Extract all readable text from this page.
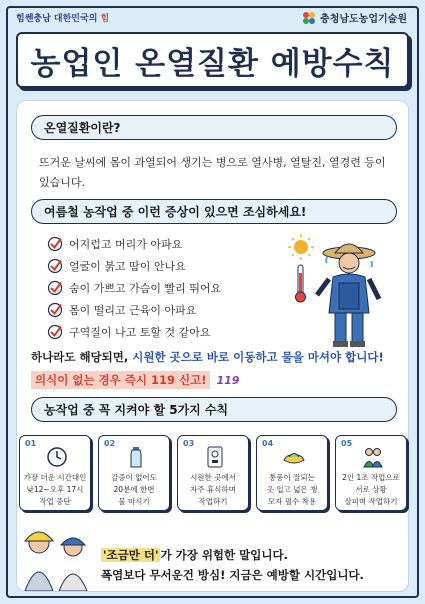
힘쎈충남 대한민국의 힘	충청남도농업기술원
농업인 온열질환 예방수칙
온열질환이란?
뜨거운 날씨에 몸이 과열되어 생기는 병으로 열사병, 열탈진, 열경련 등이 있습니다.
여름철 농작업 중 이런 증상이 있으면 조심하세요!
어지럽고 머리가 아파요
얼굴이 붉고 땀이 안나요
숨이 가쁘고 가슴이 빨리 뛰어요
몸이 떨리고 근육이 아파요
구역질이 나고 토할 것 같아요
하나라도 해당되면, 시원한 곳으로 바로 이동하고 물을 마셔야 합니다!
의식이 없는 경우 즉시 119 신고! 119
농작업 중 꼭 지켜야 할 5가지 수칙
01
가장 더운 시간대인
낮12~오후 17시
작업 중단
02
갈증이 없어도
20분에 한번
물 마시기
03
시원한 곳에서
자주 휴식하며
작업하기
04
통풍이 잘되는
옷 입고 넓은 챙
모자 필수 착용
05
2인 1조 작업으로
서로 상황
살피며 작업하기
'조금만 더' 가 가장 위험한 말입니다.
폭염보다 무서운건 방심! 지금은 예방할 시간입니다.
